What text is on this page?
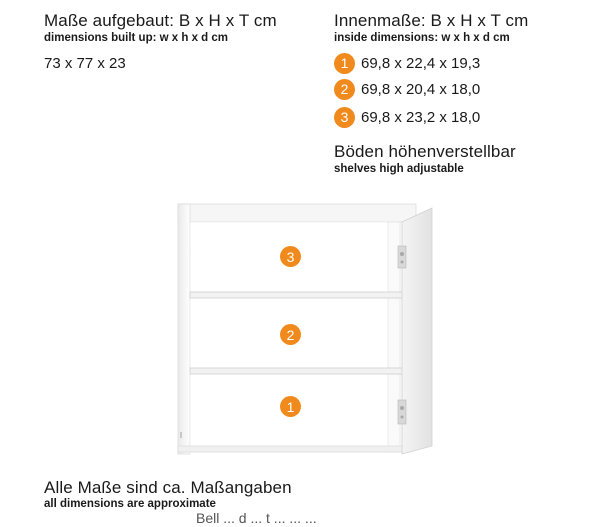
Maße aufgebaut: B x H x T cm
dimensions built up: w x h x d cm
73 x 77 x 23
Innenmaße: B x H x T cm
inside dimensions: w x h x d cm
1 69,8 x 22,4 x 19,3
2 69,8 x 20,4 x 18,0
3 69,8 x 23,2 x 18,0
Böden höhenverstellbar
shelves high adjustable
3
2
1
Alle Maße sind ca. Maßangaben
all dimensions are approximate
Bell ... d ... t ... ... ...
